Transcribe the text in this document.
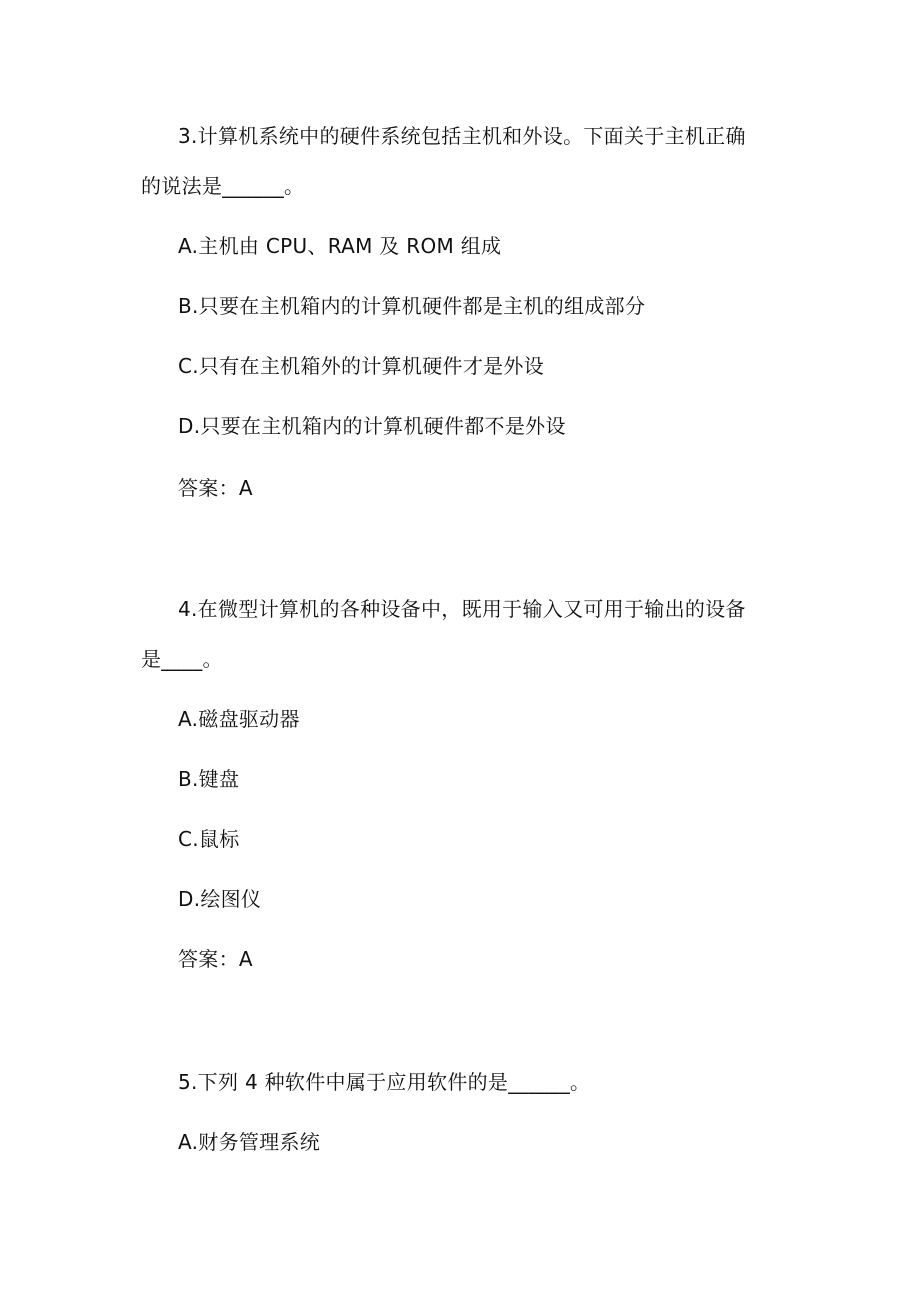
3.计算机系统中的硬件系统包括主机和外设。下面关于主机正确
的说法是______。
A.主机由 CPU、RAM 及 ROM 组成
B.只要在主机箱内的计算机硬件都是主机的组成部分
C.只有在主机箱外的计算机硬件才是外设
D.只要在主机箱内的计算机硬件都不是外设
答案：A
4.在微型计算机的各种设备中，既用于输入又可用于输出的设备
是____。
A.磁盘驱动器
B.键盘
C.鼠标
D.绘图仪
答案：A
5.下列 4 种软件中属于应用软件的是______。
A.财务管理系统
